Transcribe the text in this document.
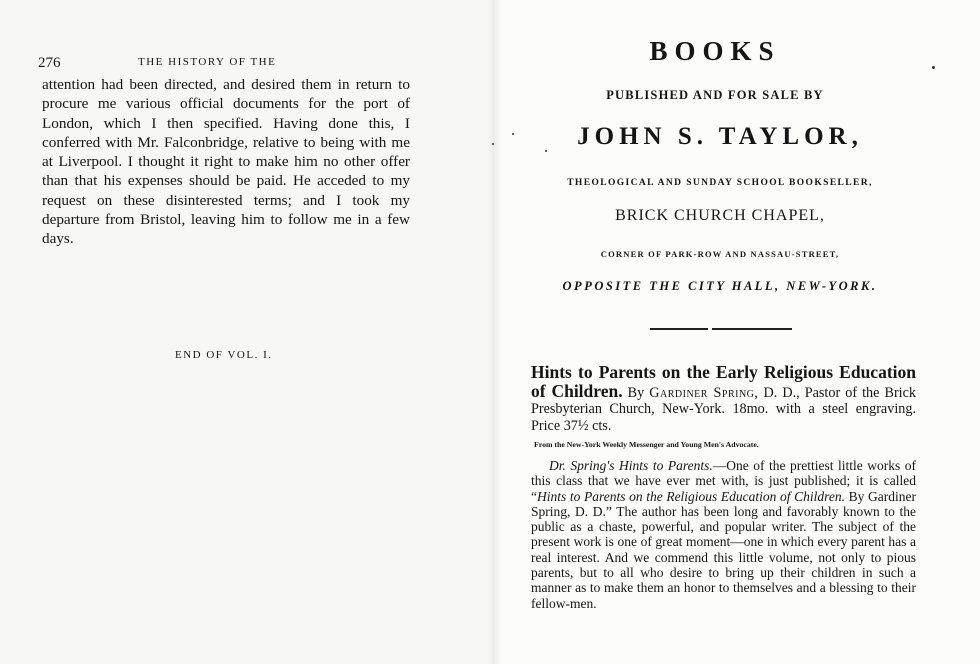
276	THE HISTORY OF THE

attention had been directed, and desired them in return to procure me various official documents for the port of London, which I then specified. Having done this, I conferred with Mr. Falconbridge, relative to being with me at Liverpool. I thought it right to make him no other offer than that his expenses should be paid. He acceded to my request on these disinterested terms; and I took my departure from Bristol, leaving him to follow me in a few days.

END OF VOL. I.
BOOKS
PUBLISHED AND FOR SALE BY
JOHN S. TAYLOR,
THEOLOGICAL AND SUNDAY SCHOOL BOOKSELLER,
BRICK CHURCH CHAPEL,
CORNER OF PARK-ROW AND NASSAU-STREET,
OPPOSITE THE CITY HALL, NEW-YORK.

Hints to Parents on the Early Religious Education of Children. By Gardiner Spring, D. D., Pastor of the Brick Presbyterian Church, New-York. 18mo. with a steel engraving. Price 37½ cts.

From the New-York Weekly Messenger and Young Men's Advocate.

Dr. Spring's Hints to Parents.—One of the prettiest little works of this class that we have ever met with, is just published; it is called “Hints to Parents on the Religious Education of Children. By Gardiner Spring, D. D.” The author has been long and favorably known to the public as a chaste, powerful, and popular writer. The subject of the present work is one of great moment—one in which every parent has a real interest. And we commend this little volume, not only to pious parents, but to all who desire to bring up their children in such a manner as to make them an honor to themselves and a blessing to their fellow-men.
